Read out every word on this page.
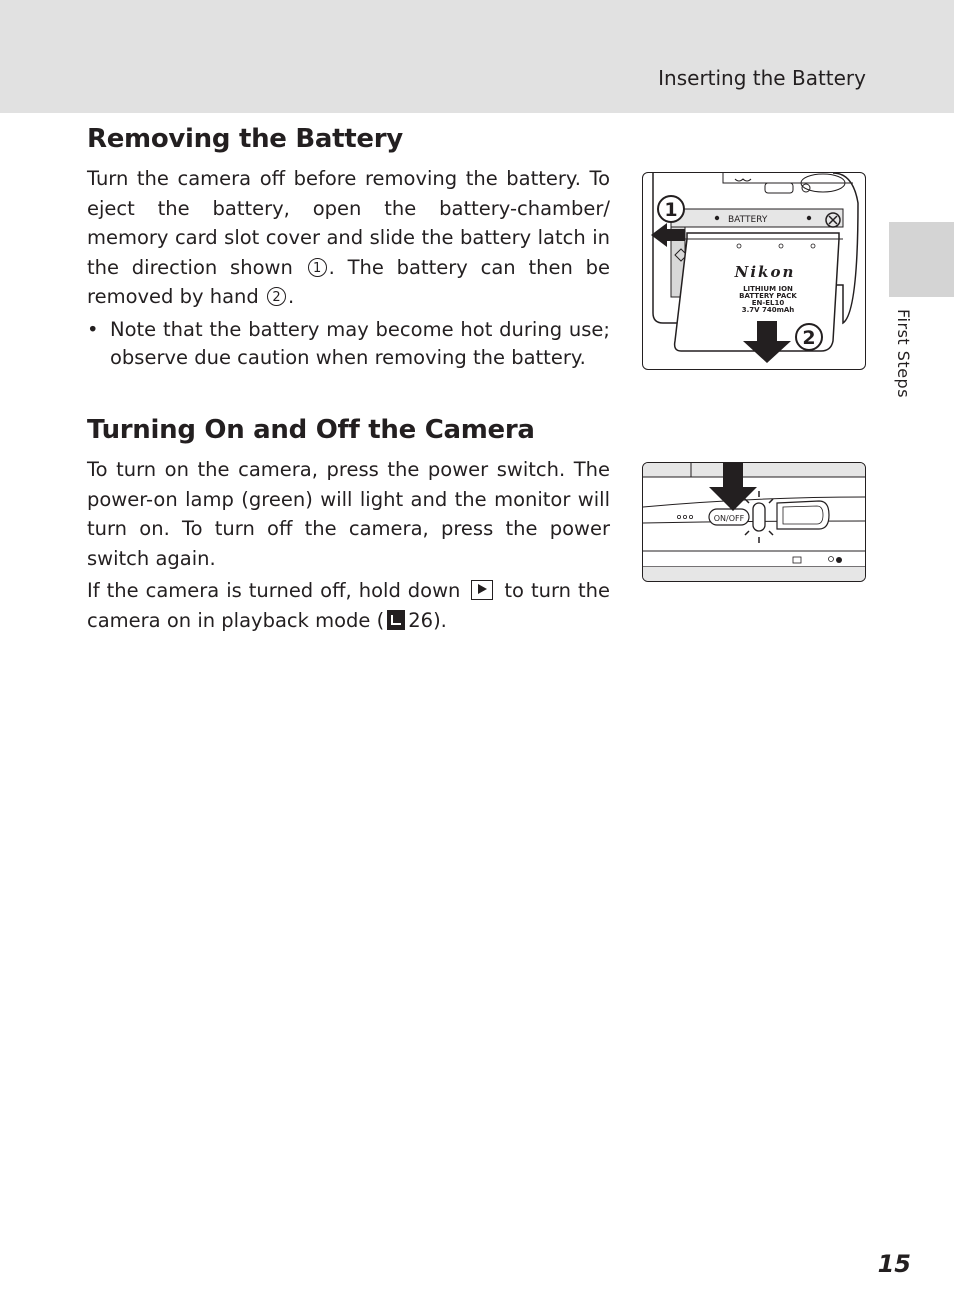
Inserting the Battery
First Steps
Removing the Battery

Turn the camera off before removing the battery. To eject the battery, open the battery-chamber/ memory card slot cover and slide the battery latch in the direction shown 1 . The battery can then be removed by hand 2 .

• Note that the battery may become hot during use; observe due caution when removing the battery.

BATTERY
Nikon
LITHIUM ION
BATTERY PACK
EN-EL10
3.7V 740mAh
1
2
Turning On and Off the Camera

To turn on the camera, press the power switch. The power-on lamp (green) will light and the monitor will turn on. To turn off the camera, press the power switch again.

If the camera is turned off, hold down  to turn the camera on in playback mode ( 26).

ON/OFF
15
